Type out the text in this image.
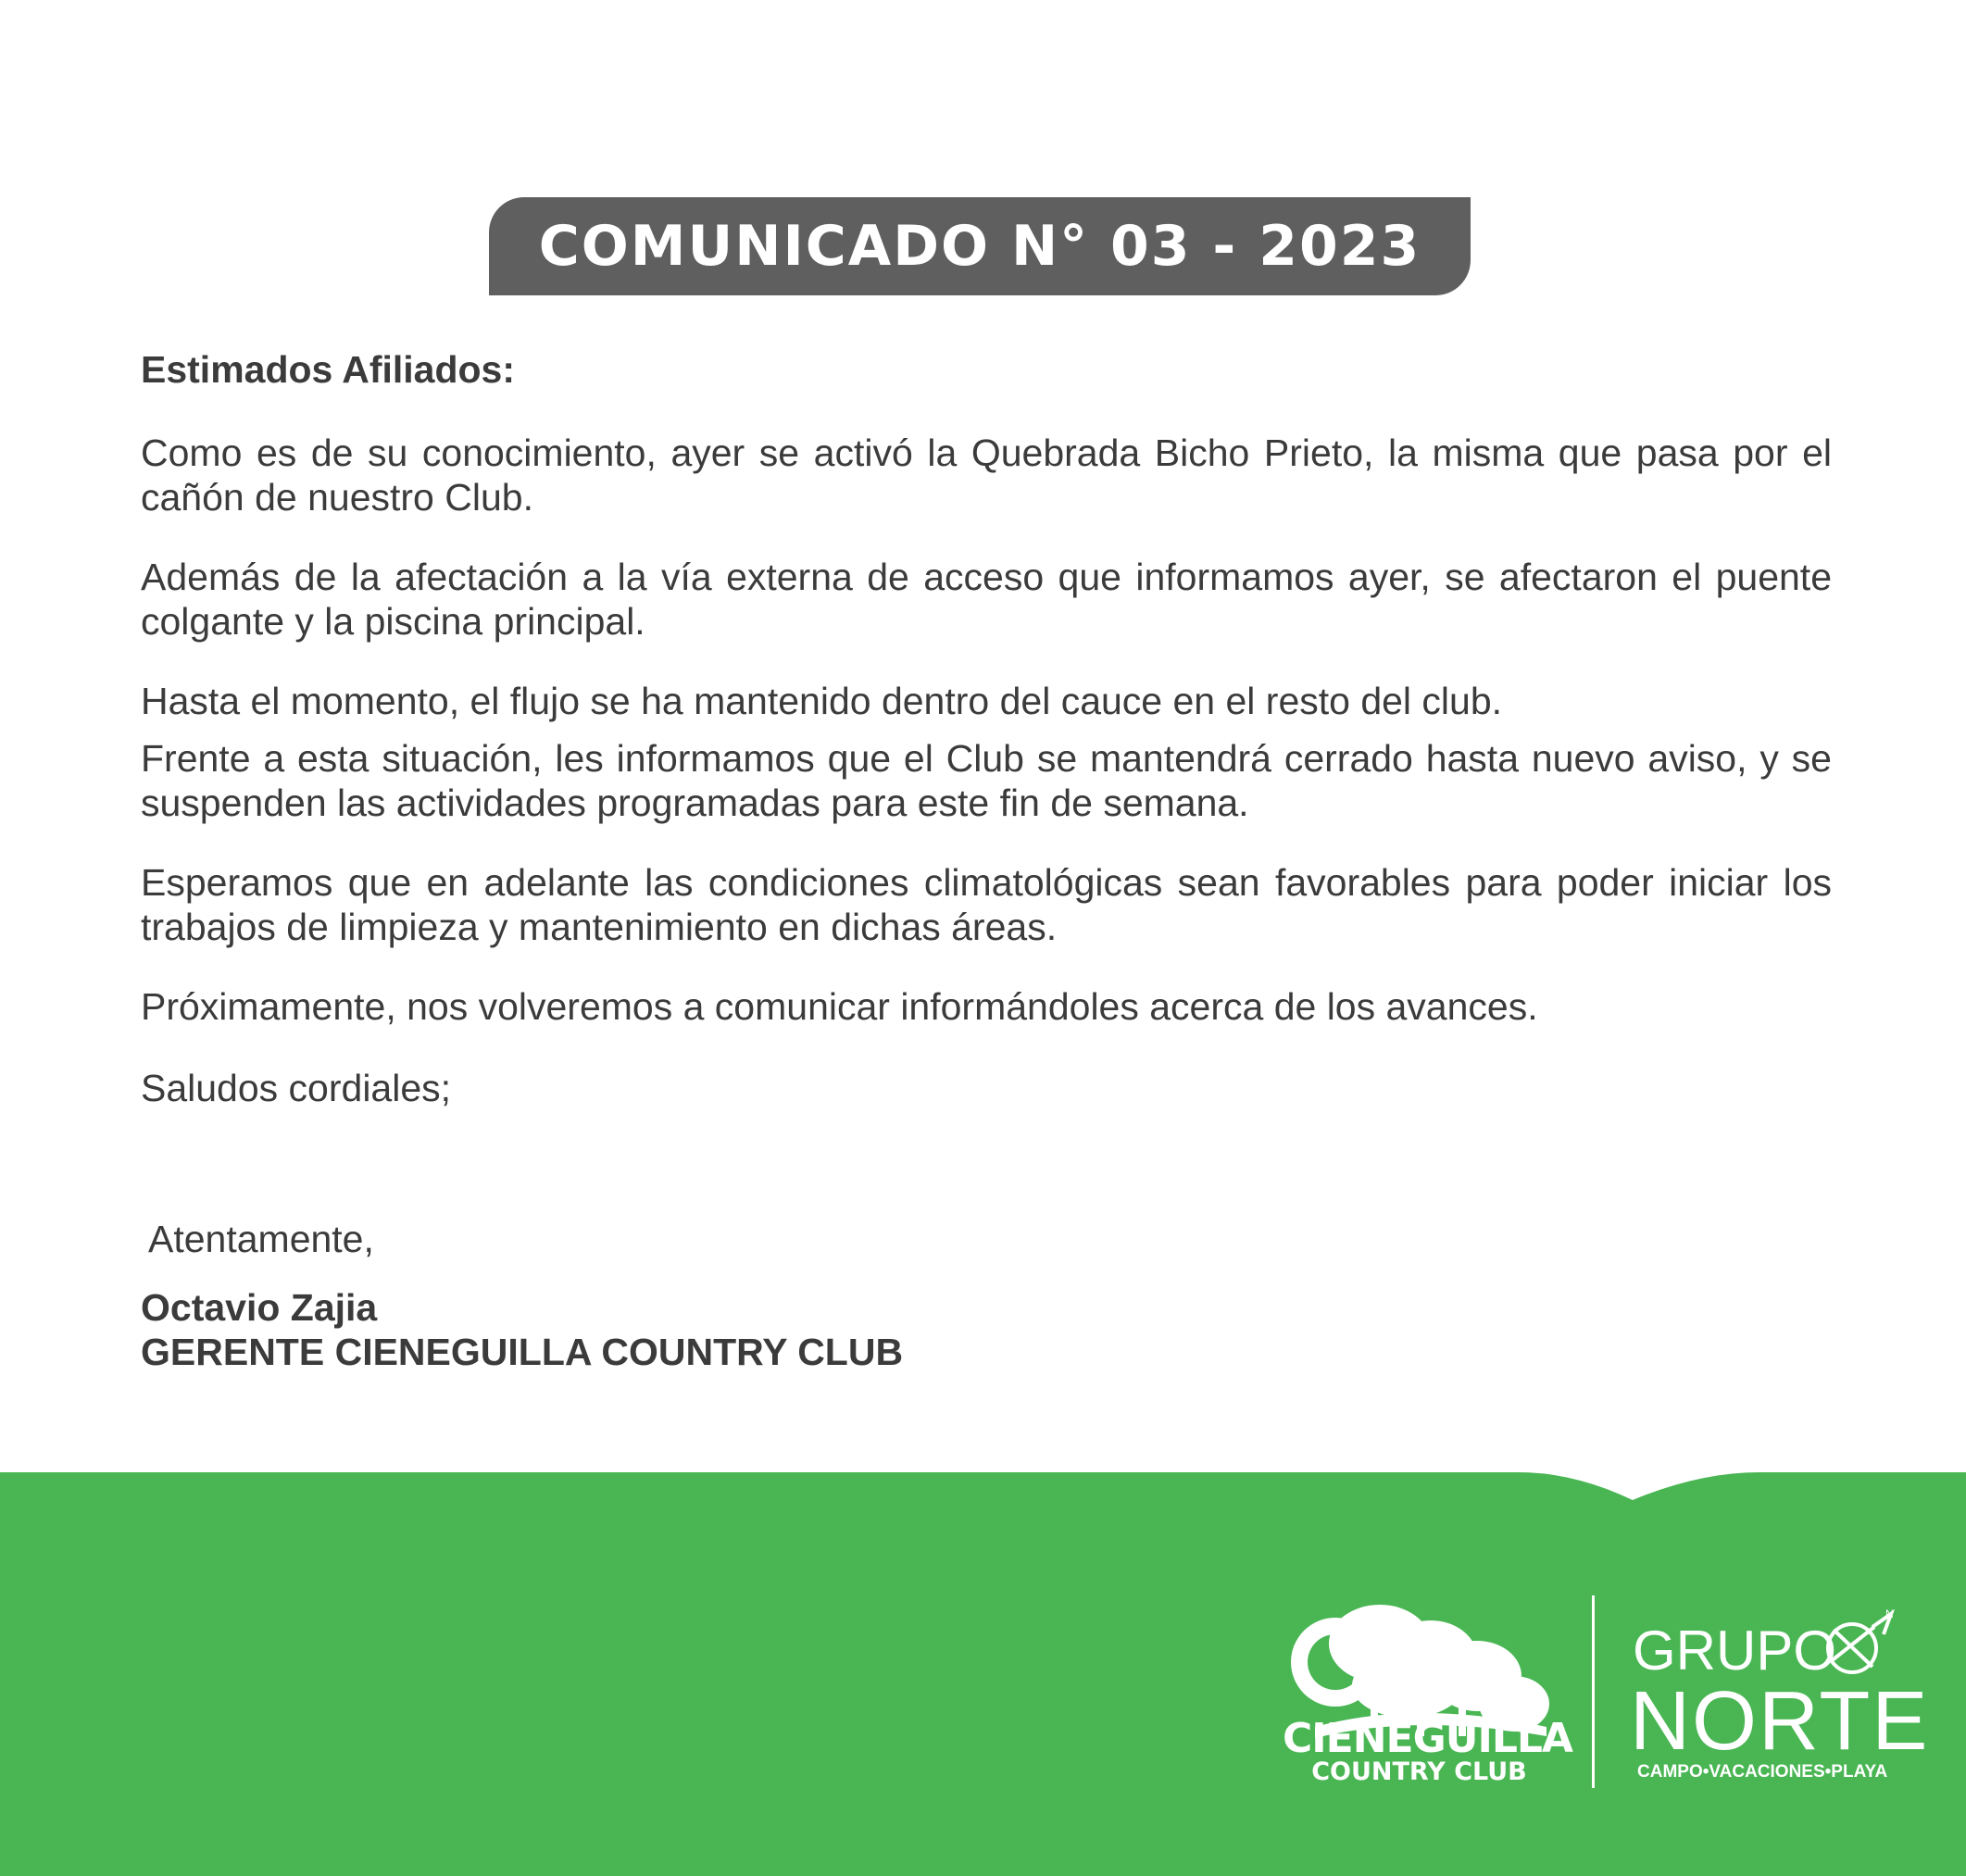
COMUNICADO N° 03 - 2023

Estimados Afiliados:

Como es de su conocimiento, ayer se activó la Quebrada Bicho Prieto, la misma que pasa por el cañón de nuestro Club.

Además de la afectación a la vía externa de acceso que informamos ayer, se afectaron el puente colgante y la piscina principal.

Hasta el momento, el flujo se ha mantenido dentro del cauce en el resto del club.

Frente a esta situación, les informamos que el Club se mantendrá cerrado hasta nuevo aviso, y se suspenden las actividades programadas para este fin de semana.

Esperamos que en adelante las condiciones climatológicas sean favorables para poder iniciar los trabajos de limpieza y mantenimiento en dichas áreas.

Próximamente, nos volveremos a comunicar informándoles acerca de los avances.

Saludos cordiales;

Atentamente,

Octavio Zajia

GERENTE CIENEGUILLA COUNTRY CLUB

CIENEGUILLA
COUNTRY CLUB
GRUPO
N
NORTE
CAMPO•VACACIONES•PLAYA
